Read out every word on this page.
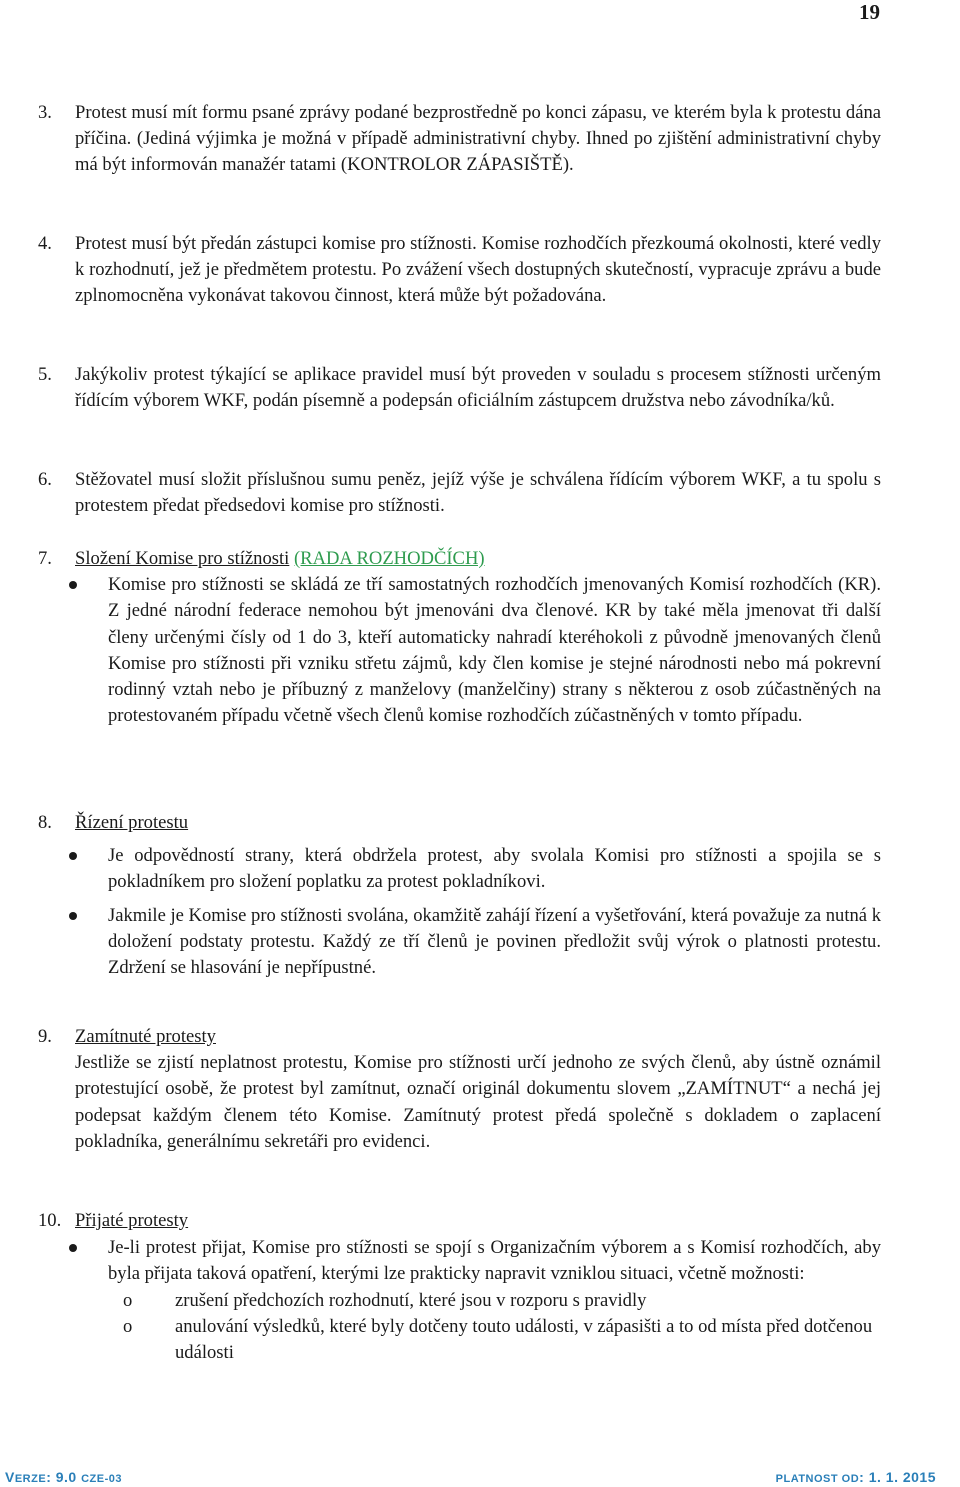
19
3. Protest musí mít formu psané zprávy podané bezprostředně po konci zápasu, ve kterém byla k protestu dána příčina. (Jediná výjimka je možná v případě administrativní chyby. Ihned po zjištění administrativní chyby má být informován manažér tatami (KONTROLOR ZÁPASIŠTĚ).
4. Protest musí být předán zástupci komise pro stížnosti. Komise rozhodčích přezkoumá okolnosti, které vedly k rozhodnutí, jež je předmětem protestu. Po zvážení všech dostupných skutečností, vypracuje zprávu a bude zplnomocněna vykonávat takovou činnost, která může být požadována.
5. Jakýkoliv protest týkající se aplikace pravidel musí být proveden v souladu s procesem stížnosti určeným řídícím výborem WKF, podán písemně a podepsán oficiálním zástupcem družstva nebo závodníka/ků.
6. Stěžovatel musí složit příslušnou sumu peněz, jejíž výše je schválena řídícím výborem WKF, a tu spolu s protestem předat předsedovi komise pro stížnosti.
7. Složení Komise pro stížnosti (RADA ROZHODČÍCH)
Komise pro stížnosti se skládá ze tří samostatných rozhodčích jmenovaných Komisí rozhodčích (KR). Z jedné národní federace nemohou být jmenováni dva členové. KR by také měla jmenovat tři další členy určenými čísly od 1 do 3, kteří automaticky nahradí kteréhokoli z původně jmenovaných členů Komise pro stížnosti při vzniku střetu zájmů, kdy člen komise je stejné národnosti nebo má pokrevní rodinný vztah nebo je příbuzný z manželovy (manželčiny) strany s některou z osob zúčastněných na protestovaném případu včetně všech členů komise rozhodčích zúčastněných v tomto případu.
8. Řízení protestu
Je odpovědností strany, která obdržela protest, aby svolala Komisi pro stížnosti a spojila se s pokladníkem pro složení poplatku za protest pokladníkovi.
Jakmile je Komise pro stížnosti svolána, okamžitě zahájí řízení a vyšetřování, která považuje za nutná k doložení podstaty protestu. Každý ze tří členů je povinen předložit svůj výrok o platnosti protestu. Zdržení se hlasování je nepřípustné.
9. Zamítnuté protesty
Jestliže se zjistí neplatnost protestu, Komise pro stížnosti určí jednoho ze svých členů, aby ústně oznámil protestující osobě, že protest byl zamítnut, označí originál dokumentu slovem „ZAMÍTNUT“ a nechá jej podepsat každým členem této Komise. Zamítnutý protest předá společně s dokladem o zaplacení pokladníka, generálnímu sekretáři pro evidenci.
10. Přijaté protesty
Je-li protest přijat, Komise pro stížnosti se spojí s Organizačním výborem a s Komisí rozhodčích, aby byla přijata taková opatření, kterými lze prakticky napravit vzniklou situaci, včetně možnosti:
o zrušení předchozích rozhodnutí, které jsou v rozporu s pravidly
o anulování výsledků, které byly dotčeny touto události, v zápasišti a to od místa před dotčenou události
VERZE: 9.0 CZE-03	PLATNOST OD: 1. 1. 2015
